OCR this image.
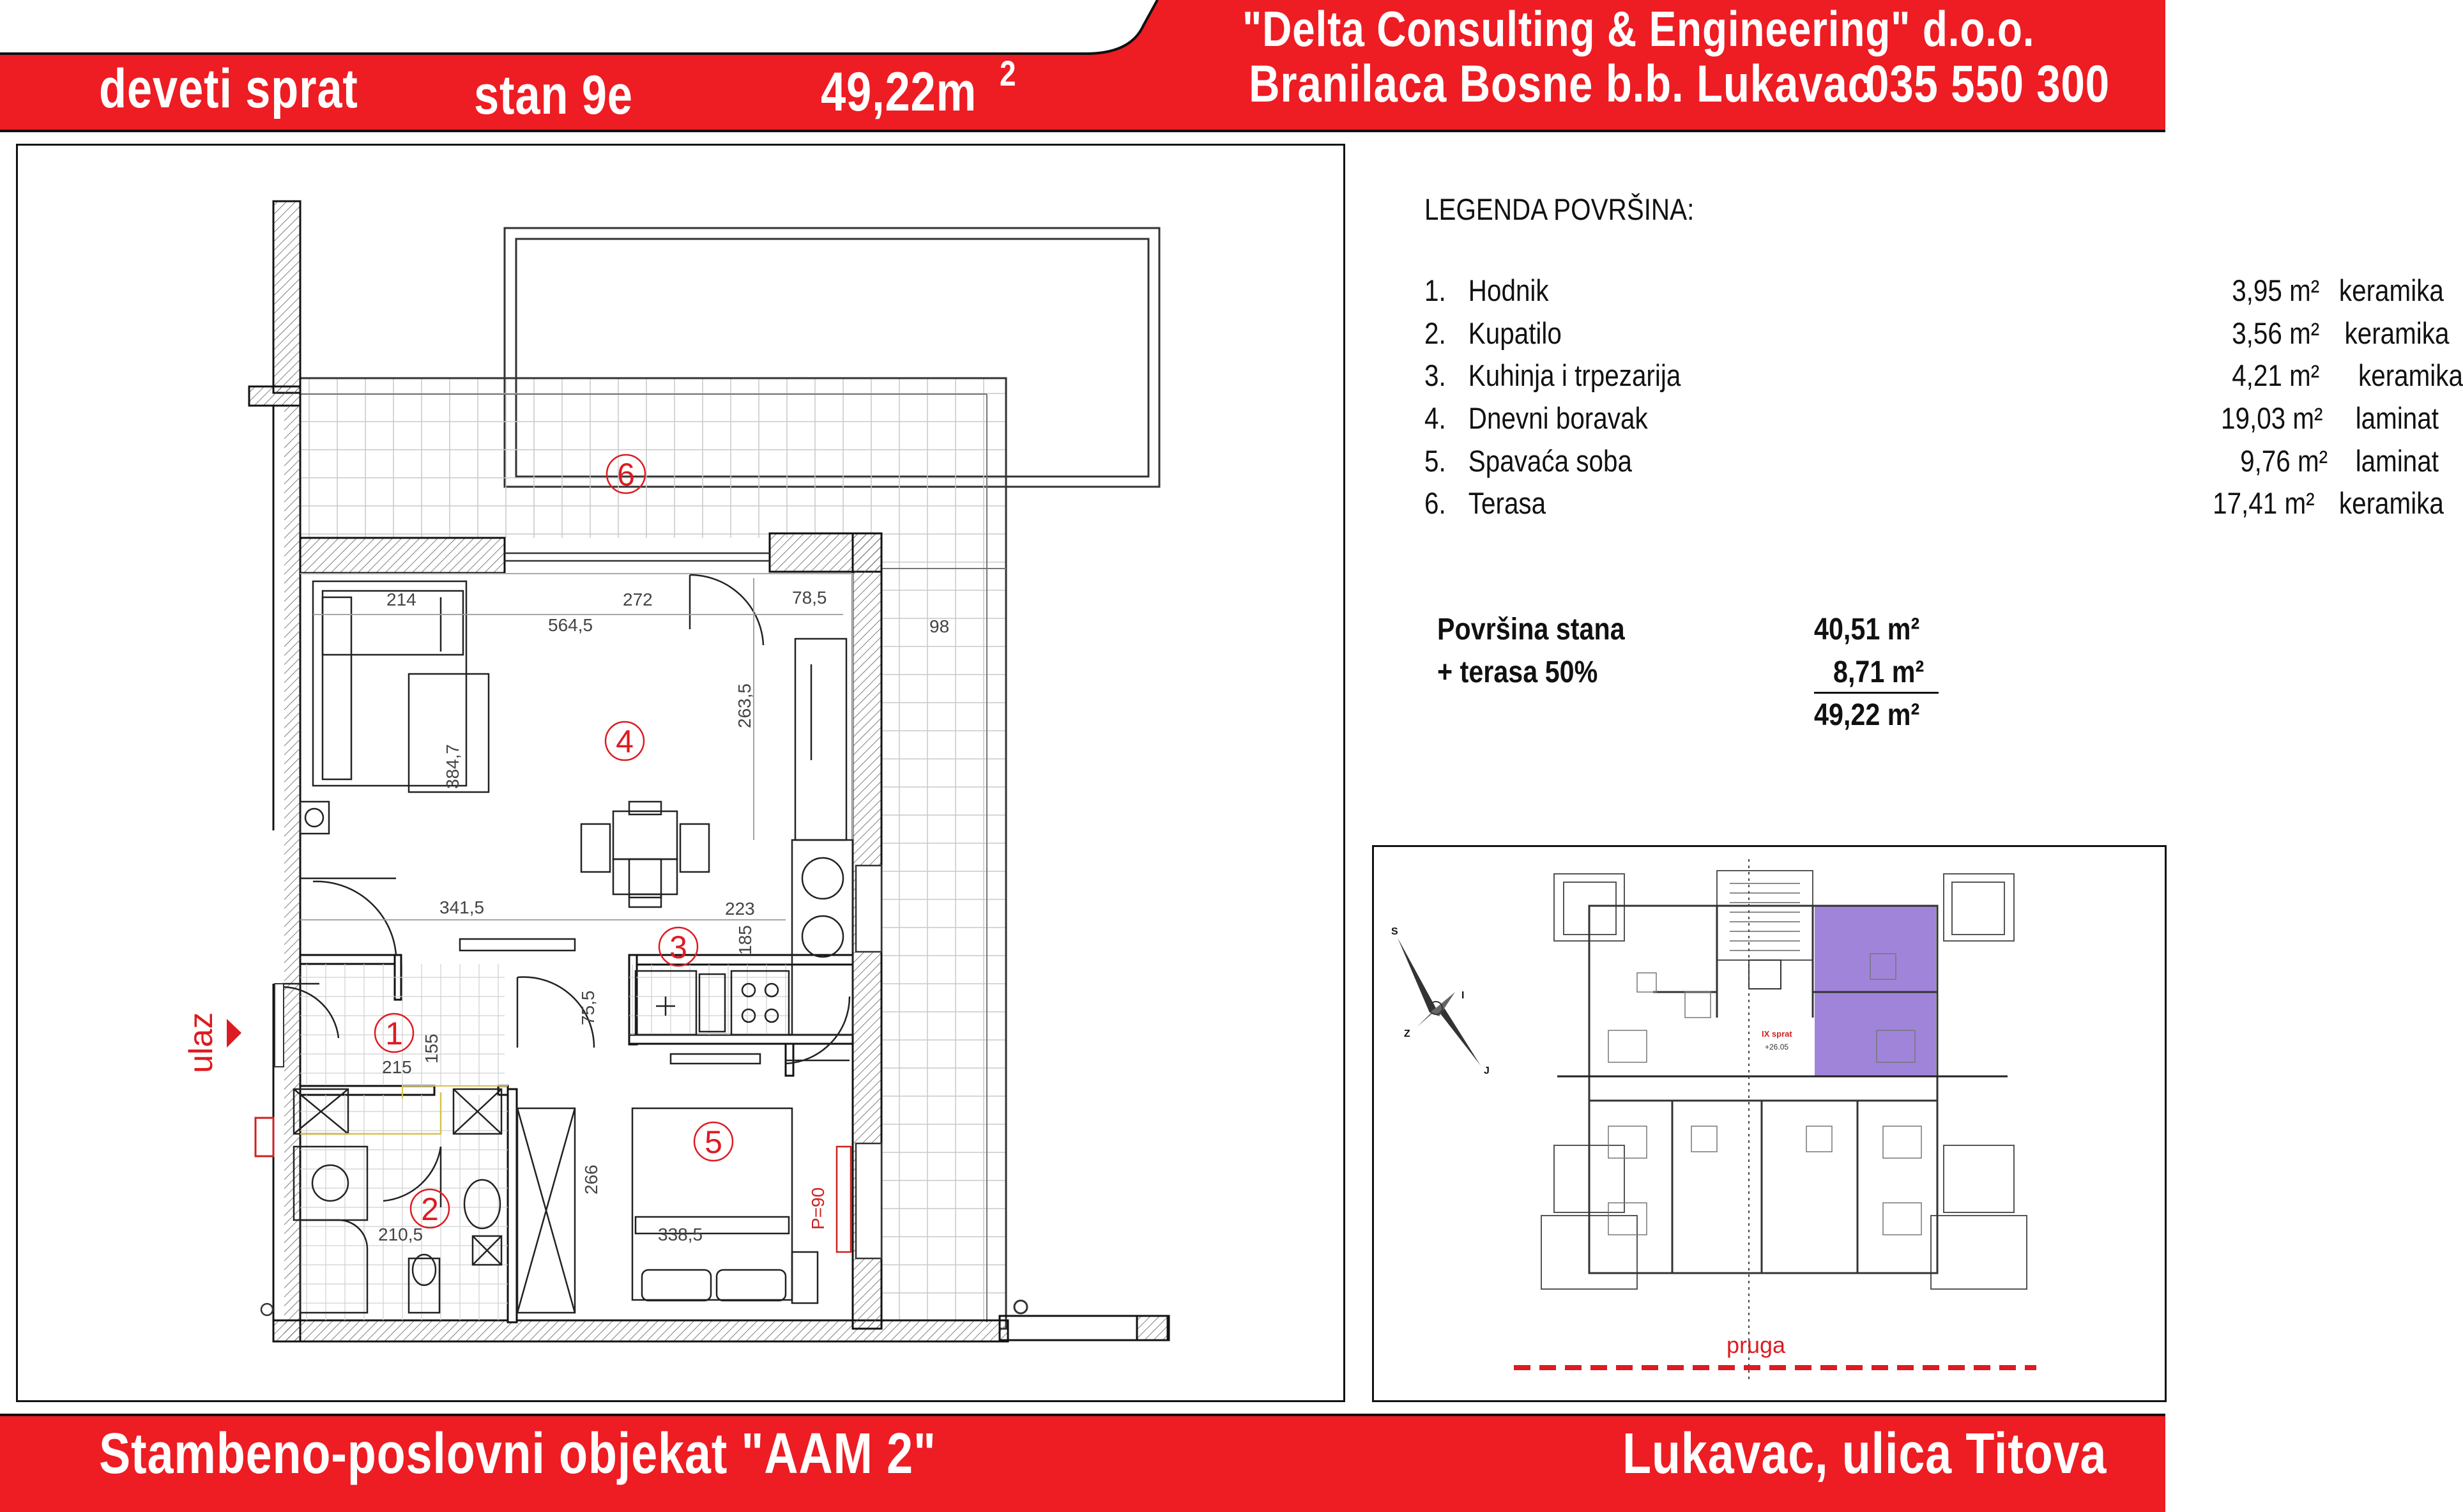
deveti sprat stan 9e	49,22m 2
"Delta Consulting & Engineering" d.o.o.
Branilaca Bosne b.b. Lukavac
035 550 300
214	272	78,5
564,5	98
341,5	223
215
210,5	338,5
263,5
384,7
185
75,5
155
266
P=90
6
4
3
1
2
5
ulaz
LEGENDA POVRŠINA:
1. Hodnik	3,95 m² keramika
2. Kupatilo	3,56 m² keramika
3. Kuhinja i trpezarija	4,21 m² keramika
4. Dnevni boravak	19,03 m² laminat
5. Spavaća soba	9,76 m² laminat
6. Terasa	17,41 m² keramika
Površina stana	40,51 m²
+ terasa 50%	8,71 m²
49,22 m²
IX sprat
+26.05
S
I
J
Z
pruga
Stambeno-poslovni objekat "AAM 2"	Lukavac, ulica Titova
